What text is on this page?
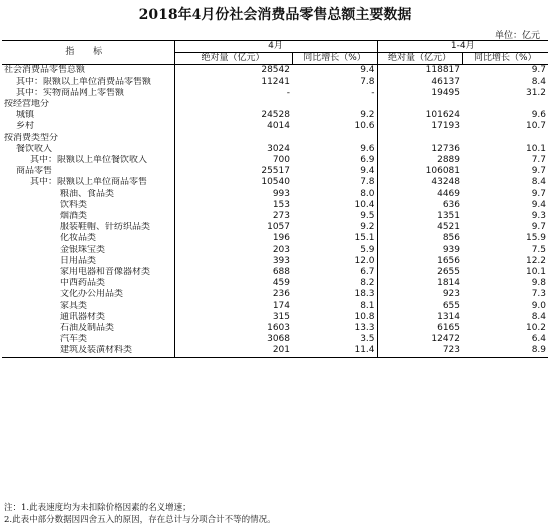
2018年4月份社会消费品零售总额主要数据
单位：亿元
指 标	4月		1-4月	
	绝对量（亿元）	同比增长（%）	绝对量（亿元）	同比增长（%）
社会消费品零售总额	28542	9.4	118817	9.7
其中：限额以上单位消费品零售额	11241	7.8	46137	8.4
其中：实物商品网上零售额	-	-	19495	31.2
按经营地分				
城镇	24528	9.2	101624	9.6
乡村	4014	10.6	17193	10.7
按消费类型分				
餐饮收入	3024	9.6	12736	10.1
其中：限额以上单位餐饮收入	700	6.9	2889	7.7
商品零售	25517	9.4	106081	9.7
其中：限额以上单位商品零售	10540	7.8	43248	8.4
粮油、食品类	993	8.0	4469	9.7
饮料类	153	10.4	636	9.4
烟酒类	273	9.5	1351	9.3
服装鞋帽、针纺织品类	1057	9.2	4521	9.7
化妆品类	196	15.1	856	15.9
金银珠宝类	203	5.9	939	7.5
日用品类	393	12.0	1656	12.2
家用电器和音像器材类	688	6.7	2655	10.1
中西药品类	459	8.2	1814	9.8
文化办公用品类	236	18.3	923	7.3
家具类	174	8.1	655	9.0
通讯器材类	315	10.8	1314	8.4
石油及制品类	1603	13.3	6165	10.2
汽车类	3068	3.5	12472	6.4
建筑及装潢材料类	201	11.4	723	8.9
注：1.此表速度均为未扣除价格因素的名义增速；
2.此表中部分数据因四舍五入的原因，存在总计与分项合计不等的情况。
